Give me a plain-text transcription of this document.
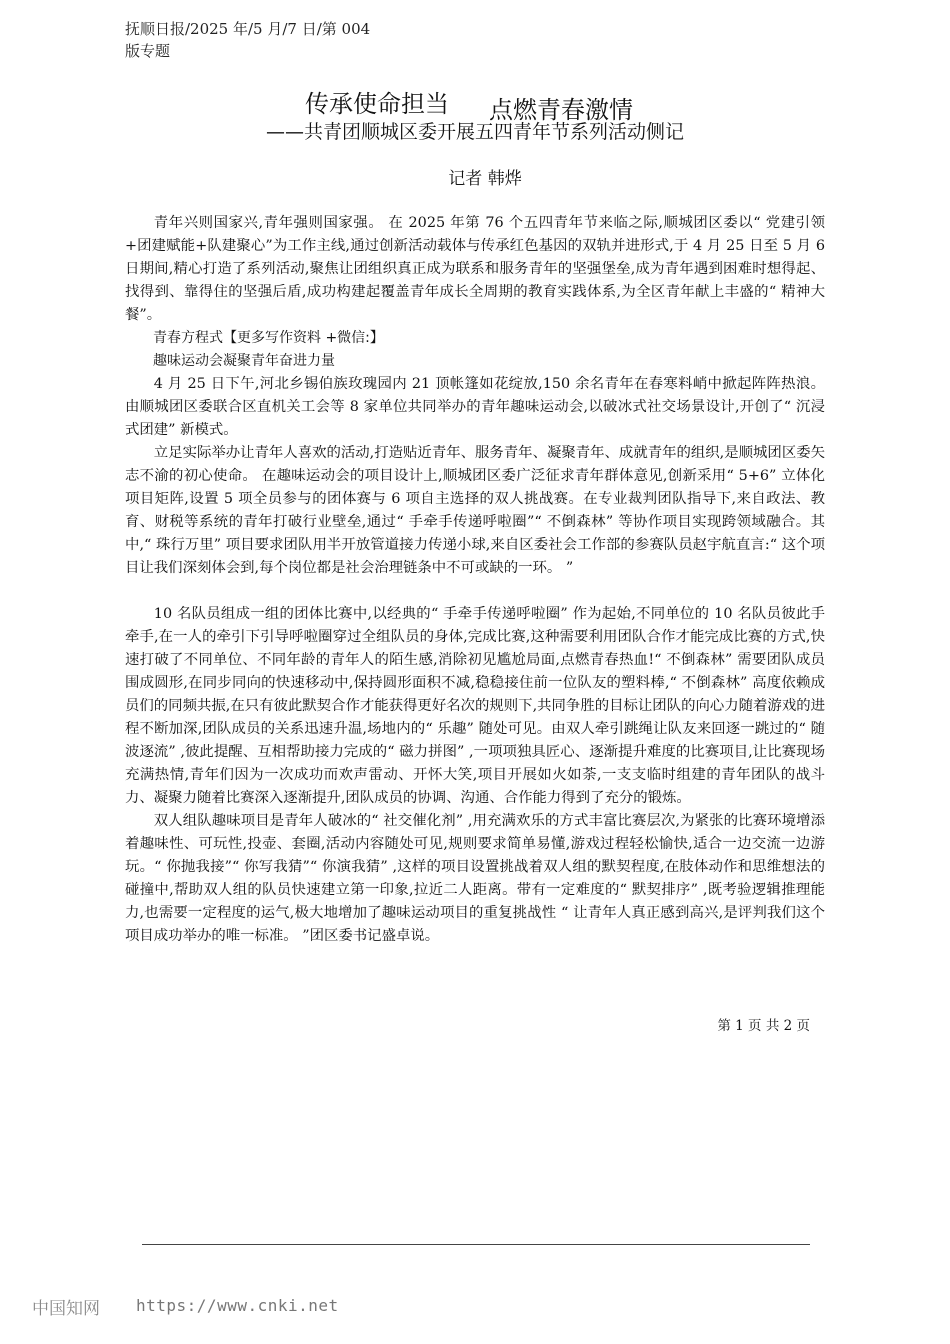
抚顺日报/2025 年/5 月/7 日/第 004 版专题
传承使命担当 点燃青春激情
——共青团顺城区委开展五四青年节系列活动侧记
记者 韩烨

青年兴则国家兴,青年强则国家强。 在 2025 年第 76 个五四青年节来临之际,顺城团区委以“ 党建引领+团建赋能+队建聚心”为工作主线,通过创新活动载体与传承红色基因的双轨并进形式,于 4 月 25 日至 5 月 6 日期间,精心打造了系列活动,聚焦让团组织真正成为联系和服务青年的坚强堡垒,成为青年遇到困难时想得起、找得到、靠得住的坚强后盾,成功构建起覆盖青年成长全周期的教育实践体系,为全区青年献上丰盛的“ 精神大餐”。

青春方程式【更多写作资料 +微信:】

趣味运动会凝聚青年奋进力量

4 月 25 日下午,河北乡锡伯族玫瑰园内 21 顶帐篷如花绽放,150 余名青年在春寒料峭中掀起阵阵热浪。 由顺城团区委联合区直机关工会等 8 家单位共同举办的青年趣味运动会,以破冰式社交场景设计,开创了“ 沉浸式团建” 新模式。

立足实际举办让青年人喜欢的活动,打造贴近青年、服务青年、凝聚青年、成就青年的组织,是顺城团区委矢志不渝的初心使命。 在趣味运动会的项目设计上,顺城团区委广泛征求青年群体意见,创新采用“ 5+6” 立体化项目矩阵,设置 5 项全员参与的团体赛与 6 项自主选择的双人挑战赛。在专业裁判团队指导下,来自政法、教育、财税等系统的青年打破行业壁垒,通过“ 手牵手传递呼啦圈”“ 不倒森林” 等协作项目实现跨领域融合。其中,“ 珠行万里” 项目要求团队用半开放管道接力传递小球,来自区委社会工作部的参赛队员赵宇航直言:“ 这个项目让我们深刻体会到,每个岗位都是社会治理链条中不可或缺的一环。 ”

10 名队员组成一组的团体比赛中,以经典的“ 手牵手传递呼啦圈” 作为起始,不同单位的 10 名队员彼此手牵手,在一人的牵引下引导呼啦圈穿过全组队员的身体,完成比赛,这种需要利用团队合作才能完成比赛的方式,快速打破了不同单位、不同年龄的青年人的陌生感,消除初见尴尬局面,点燃青春热血!“ 不倒森林” 需要团队成员围成圆形,在同步同向的快速移动中,保持圆形面积不减,稳稳接住前一位队友的塑料棒,“ 不倒森林” 高度依赖成员们的同频共振,在只有彼此默契合作才能获得更好名次的规则下,共同争胜的目标让团队的向心力随着游戏的进程不断加深,团队成员的关系迅速升温,场地内的“ 乐趣” 随处可见。由双人牵引跳绳让队友来回逐一跳过的“ 随波逐流” ,彼此提醒、互相帮助接力完成的“ 磁力拼图” ,一项项独具匠心、逐渐提升难度的比赛项目,让比赛现场充满热情,青年们因为一次成功而欢声雷动、开怀大笑,项目开展如火如荼,一支支临时组建的青年团队的战斗力、凝聚力随着比赛深入逐渐提升,团队成员的协调、沟通、合作能力得到了充分的锻炼。

双人组队趣味项目是青年人破冰的“ 社交催化剂” ,用充满欢乐的方式丰富比赛层次,为紧张的比赛环境增添着趣味性、可玩性,投壶、套圈,活动内容随处可见,规则要求简单易懂,游戏过程轻松愉快,适合一边交流一边游玩。“ 你抛我接”“ 你写我猜”“ 你演我猜” ,这样的项目设置挑战着双人组的默契程度,在肢体动作和思维想法的碰撞中,帮助双人组的队员快速建立第一印象,拉近二人距离。带有一定难度的“ 默契排序” ,既考验逻辑推理能力,也需要一定程度的运气,极大地增加了趣味运动项目的重复挑战性 “ 让青年人真正感到高兴,是评判我们这个项目成功举办的唯一标准。 ”团区委书记盛卓说。

第 1 页 共 2 页
中国知网 https://www.cnki.net
